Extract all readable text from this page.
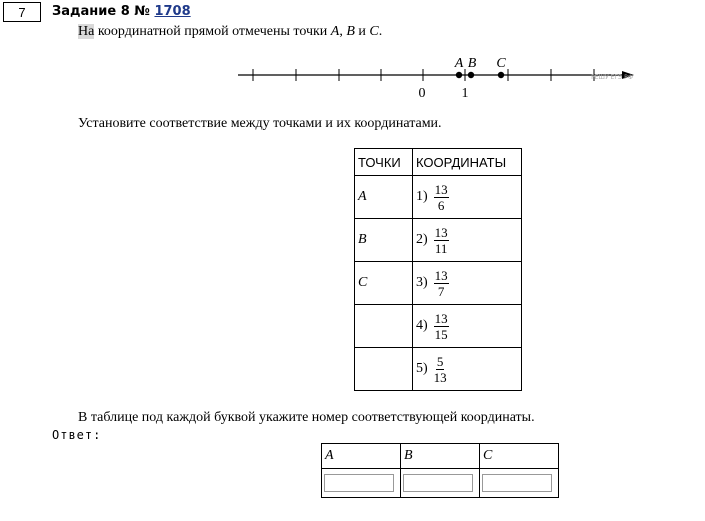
7 Задание 8 № 1708
На координатной прямой отмечены точки A, B и C.
A B C
0	1
РЕШУ ЕГЭ.РФ
Установите соответствие между точками и их координатами.
ТОЧКИ	КООРДИНАТЫ
A	$1) \frac{13}{6}$

B	$2) \frac{13}{11}$

C	$3) \frac{13}{7}$

	$4) \frac{13}{15}$

	$5) \frac{5}{13}$
В таблице под каждой буквой укажите номер соответствующей координаты.
Ответ:
A	B	C
